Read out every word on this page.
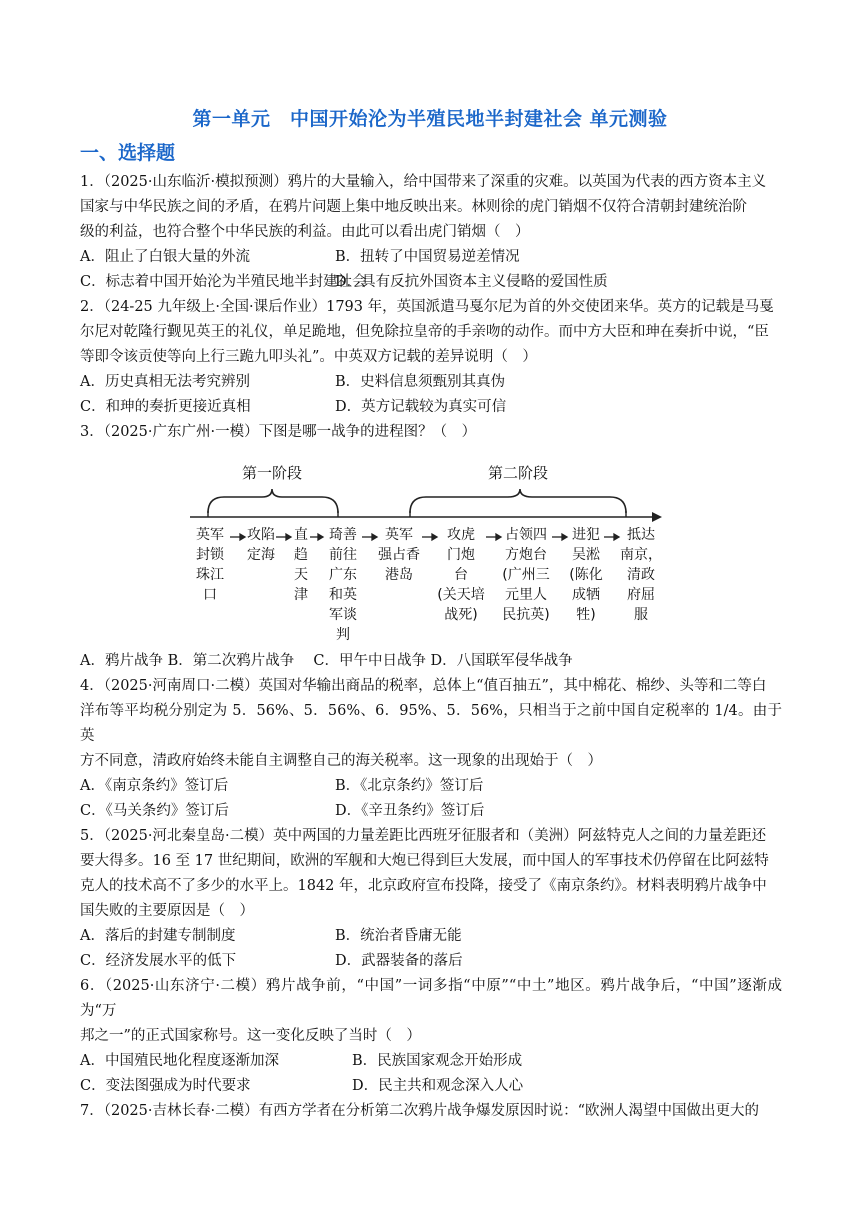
第一单元　中国开始沦为半殖民地半封建社会 单元测验
一、选择题

1．（2025·山东临沂·模拟预测）鸦片的大量输入，给中国带来了深重的灾难。以英国为代表的西方资本主义

国家与中华民族之间的矛盾，在鸦片问题上集中地反映出来。林则徐的虎门销烟不仅符合清朝封建统治阶

级的利益，也符合整个中华民族的利益。由此可以看出虎门销烟（　）

A．阻止了白银大量的外流	B．扭转了中国贸易逆差情况
C．标志着中国开始沦为半殖民地半封建社会
D．具有反抗外国资本主义侵略的爱国性质

2．（24-25 九年级上·全国·课后作业）1793 年，英国派遣马戛尔尼为首的外交使团来华。英方的记载是马戛

尔尼对乾隆行觐见英王的礼仪，单足跪地，但免除拉皇帝的手亲吻的动作。而中方大臣和珅在奏折中说，“臣

等即令该贡使等向上行三跪九叩头礼”。中英双方记载的差异说明（　）

A．历史真相无法考究辨别	B．史料信息须甄别其真伪
C．和珅的奏折更接近真相	D．英方记载较为真实可信

3．（2025·广东广州·一模）下图是哪一战争的进程图？（　）

第一阶段	第二阶段
英军
封锁
珠江
口
攻陷
定海
直
趋
天
津
琦善
前往
广东
和英
军谈
判
英军
强占香
港岛
攻虎
门炮
台
(关天培
战死)
占领四
方炮台
(广州三
元里人
民抗英)
进犯
吴淞
(陈化
成牺
牲)
抵达
南京，
清政
府屈
服
A．鸦片战争 B．第二次鸦片战争　 C．甲午中日战争 D．八国联军侵华战争

4．（2025·河南周口·二模）英国对华输出商品的税率，总体上“值百抽五”，其中棉花、棉纱、头等和二等白

洋布等平均税分别定为 5．56%、5．56%、6．95%、5．56%，只相当于之前中国自定税率的 1/4。由于英

方不同意，清政府始终未能自主调整自己的海关税率。这一现象的出现始于（　）

A．《南京条约》签订后	B．《北京条约》签订后
C．《马关条约》签订后	D．《辛丑条约》签订后

5．（2025·河北秦皇岛·二模）英中两国的力量差距比西班牙征服者和（美洲）阿兹特克人之间的力量差距还

要大得多。16 至 17 世纪期间，欧洲的军舰和大炮已得到巨大发展，而中国人的军事技术仍停留在比阿兹特

克人的技术高不了多少的水平上。1842 年，北京政府宣布投降，接受了《南京条约》。材料表明鸦片战争中

国失败的主要原因是（　）

A．落后的封建专制制度	B．统治者昏庸无能
C．经济发展水平的低下	D．武器装备的落后

6．（2025·山东济宁·二模）鸦片战争前，“中国”一词多指“中原”“中土”地区。鸦片战争后，“中国”逐渐成为“万

邦之一”的正式国家称号。这一变化反映了当时（　）

A．中国殖民地化程度逐渐加深	B．民族国家观念开始形成
C．变法图强成为时代要求	D．民主共和观念深入人心

7．（2025·吉林长春·二模）有西方学者在分析第二次鸦片战争爆发原因时说：“欧洲人渴望中国做出更大的
